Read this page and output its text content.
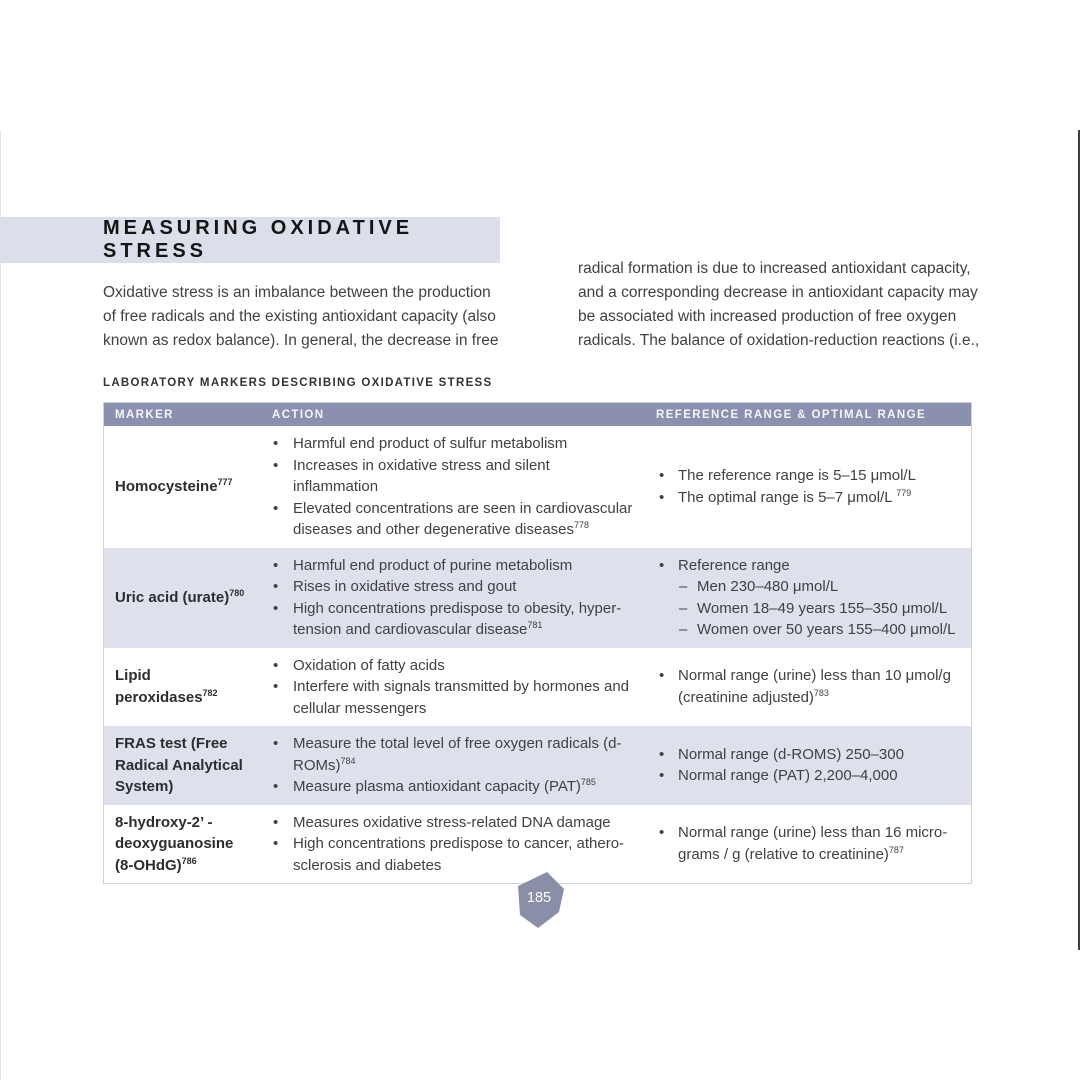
MEASURING OXIDATIVE STRESS
Oxidative stress is an imbalance between the production
of free radicals and the existing antioxidant capacity (also
known as redox balance). In general, the decrease in free
radical formation is due to increased antioxidant capacity,
and a corresponding decrease in antioxidant capacity may
be associated with increased production of free oxygen
radicals. The balance of oxidation-reduction reactions (i.e.,
LABORATORY MARKERS DESCRIBING OXIDATIVE STRESS
MARKER	ACTION	REFERENCE RANGE & OPTIMAL RANGE
Homocysteine$^{777}$
• Harmful end product of sulfur metabolism
• Increases in oxidative stress and silent inflammation
• Elevated concentrations are seen in cardiovascular diseases and other degenerative diseases$^{778}$
• The reference range is 5–15 μmol/L
• The optimal range is 5–7 μmol/L $^{779}$
Uric acid (urate)$^{780}$
• Harmful end product of purine metabolism
• Rises in oxidative stress and gout
• High concentrations predispose to obesity, hypertension and cardiovascular disease$^{781}$
• Reference range
– Men 230–480 μmol/L
– Women 18–49 years 155–350 μmol/L
– Women over 50 years 155–400 μmol/L
Lipid peroxidases$^{782}$
• Oxidation of fatty acids
• Interfere with signals transmitted by hormones and cellular messengers
• Normal range (urine) less than 10 μmol/g (creatinine adjusted)$^{783}$
FRAS test (Free Radical Analytical System)
• Measure the total level of free oxygen radicals (d-ROMs)$^{784}$
• Measure plasma antioxidant capacity (PAT)$^{785}$
• Normal range (d-ROMS) 250–300
• Normal range (PAT) 2,200–4,000
8-hydroxy-2’ -deoxyguanosine (8-OHdG)$^{786}$
• Measures oxidative stress-related DNA damage
• High concentrations predispose to cancer, atherosclerosis and diabetes
• Normal range (urine) less than 16 micrograms / g (relative to creatinine)$^{787}$
185
